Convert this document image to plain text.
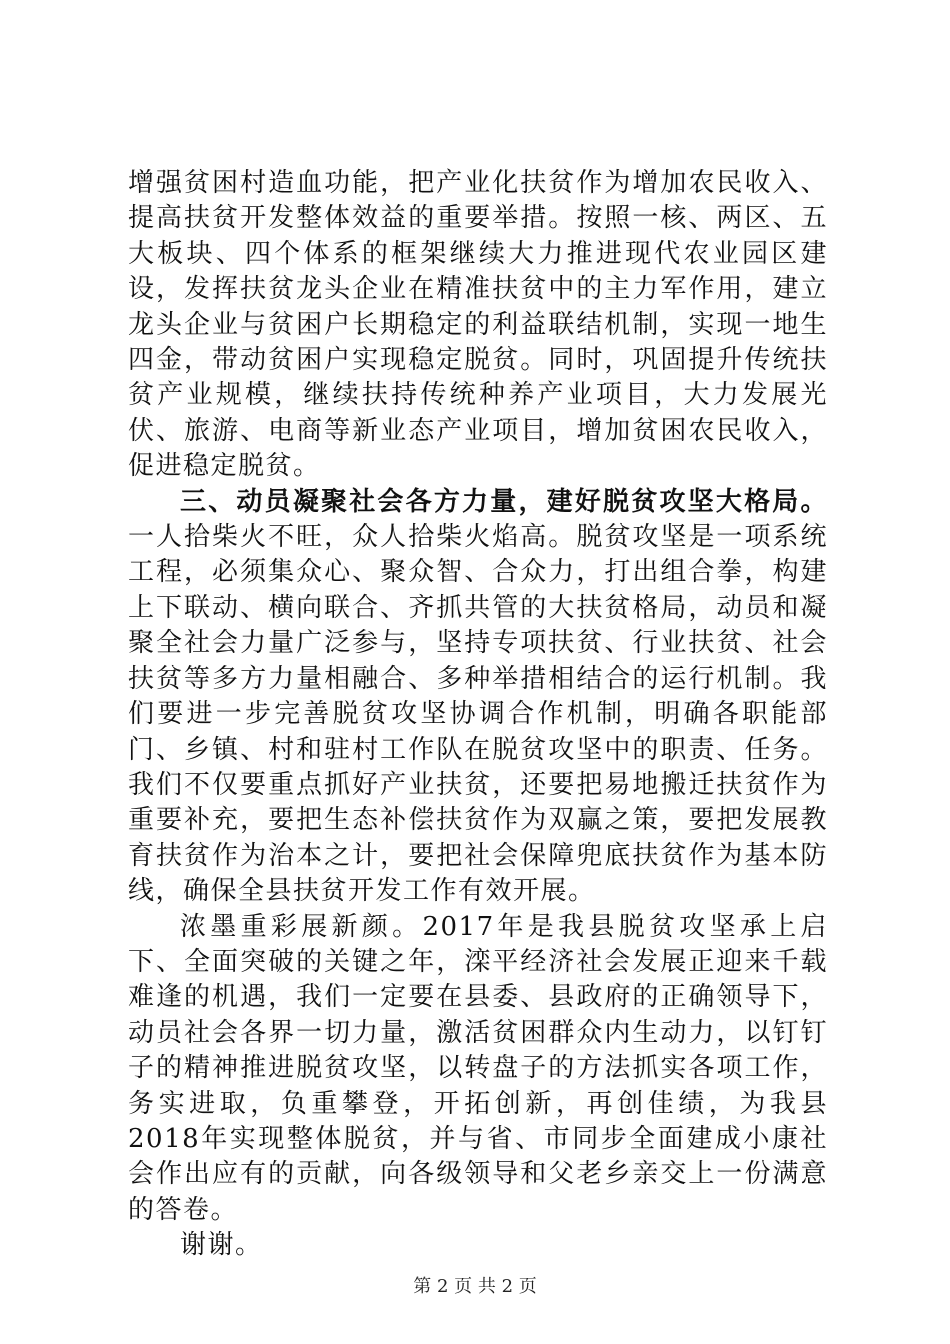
增强贫困村造血功能，把产业化扶贫作为增加农民收入、提高扶贫开发整体效益的重要举措。按照一核、两区、五大板块、四个体系的框架继续大力推进现代农业园区建设，发挥扶贫龙头企业在精准扶贫中的主力军作用，建立龙头企业与贫困户长期稳定的利益联结机制，实现一地生四金，带动贫困户实现稳定脱贫。同时，巩固提升传统扶贫产业规模，继续扶持传统种养产业项目，大力发展光伏、旅游、电商等新业态产业项目，增加贫困农民收入，促进稳定脱贫。

三、动员凝聚社会各方力量，建好脱贫攻坚大格局。一人拾柴火不旺，众人拾柴火焰高。脱贫攻坚是一项系统工程，必须集众心、聚众智、合众力，打出组合拳，构建上下联动、横向联合、齐抓共管的大扶贫格局，动员和凝聚全社会力量广泛参与，坚持专项扶贫、行业扶贫、社会扶贫等多方力量相融合、多种举措相结合的运行机制。我们要进一步完善脱贫攻坚协调合作机制，明确各职能部门、乡镇、村和驻村工作队在脱贫攻坚中的职责、任务。我们不仅要重点抓好产业扶贫，还要把易地搬迁扶贫作为重要补充，要把生态补偿扶贫作为双赢之策，要把发展教育扶贫作为治本之计，要把社会保障兜底扶贫作为基本防线，确保全县扶贫开发工作有效开展。

浓墨重彩展新颜。2017年是我县脱贫攻坚承上启下、全面突破的关键之年，滦平经济社会发展正迎来千载难逢的机遇，我们一定要在县委、县政府的正确领导下，动员社会各界一切力量，激活贫困群众内生动力，以钉钉子的精神推进脱贫攻坚，以转盘子的方法抓实各项工作，务实进取，负重攀登，开拓创新，再创佳绩，为我县2018年实现整体脱贫，并与省、市同步全面建成小康社会作出应有的贡献，向各级领导和父老乡亲交上一份满意的答卷。

谢谢。

第 2 页 共 2 页
